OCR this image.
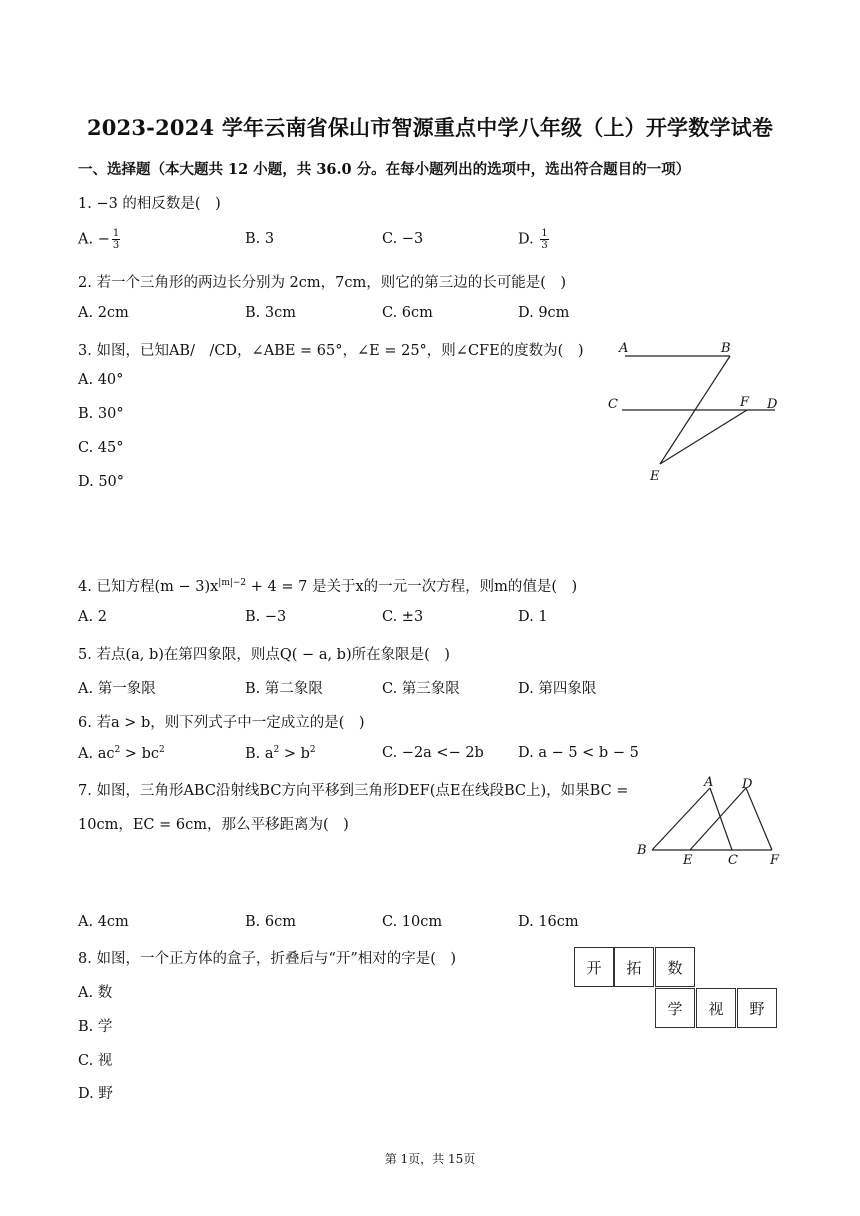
2023-2024 学年云南省保山市智源重点中学八年级（上）开学数学试卷
一、选择题（本大题共 12 小题，共 36.0 分。在每小题列出的选项中，选出符合题目的一项）
1. −3 的相反数是(　)
A. − $\frac{1}{3}$	B. 3	C. −3	D. $\frac{1}{3}$
2. 若一个三角形的两边长分别为 2cm，7cm，则它的第三边的长可能是(　)
A. 2cm	B. 3cm	C. 6cm	D. 9cm
3. 如图，已知AB/　/CD，∠ABE = 65°，∠E = 25°，则∠CFE的度数为(　)
A. 40°
B. 30°
C. 45°
D. 50°
A	B
C	F D
E
4. 已知方程$(m - 3)x^{|m|-2} + 4 = 7$ 是关于x的一元一次方程，则m的值是(　)
A. 2	B. −3	C. ±3	D. 1
5. 若点(a, b)在第四象限，则点Q( − a, b)所在象限是(　)
A. 第一象限	B. 第二象限	C. 第三象限	D. 第四象限
6. 若a > b，则下列式子中一定成立的是(　)
A. $ac^2 > bc^2$	B. $a^2 > b^2$	C. −2a <− 2b D. a − 5 < b − 5
7. 如图，三角形ABC沿射线BC方向平移到三角形DEF(点E在线段BC上)，如果BC =
10cm，EC = 6cm，那么平移距离为(　)
A D
B
E	C F
A. 4cm	B. 6cm	C. 10cm	D. 16cm
8. 如图，一个正方体的盒子，折叠后与“开”相对的字是(　)
A. 数
B. 学
C. 视
D. 野
开	拓	数
学	视	野
第 1页，共 15页
